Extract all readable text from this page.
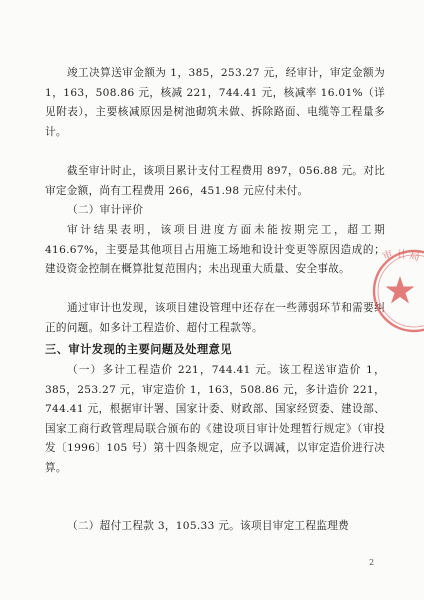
竣工决算送审金额为 1，385，253.27 元，经审计，审定金额为 1，163，508.86 元，核减 221，744.41 元，核减率 16.01%（详见附表），主要核减原因是树池砌筑未做、拆除路面、电缆等工程量多计。

截至审计时止，该项目累计支付工程费用 897，056.88 元。对比审定金额，尚有工程费用 266，451.98 元应付未付。

（二）审计评价

审计结果表明，该项目进度方面未能按期完工，超工期 416.67%，主要是其他项目占用施工场地和设计变更等原因造成的；建设资金控制在概算批复范围内；未出现重大质量、安全事故。

通过审计也发现，该项目建设管理中还存在一些薄弱环节和需要纠正的问题。如多计工程造价、超付工程款等。

三、审计发现的主要问题及处理意见

（一）多计工程造价 221，744.41 元。该工程送审造价 1，385，253.27 元，审定造价 1，163，508.86 元，多计造价 221，744.41 元，根据审计署、国家计委、财政部、国家经贸委、建设部、国家工商行政管理局联合颁布的《建设项目审计处理暂行规定》（审投发〔1996〕105 号）第十四条规定，应予以调减，以审定造价进行决算。

（二）超付工程款 3，105.33 元。该项目审定工程监理费

2
审 计 局
